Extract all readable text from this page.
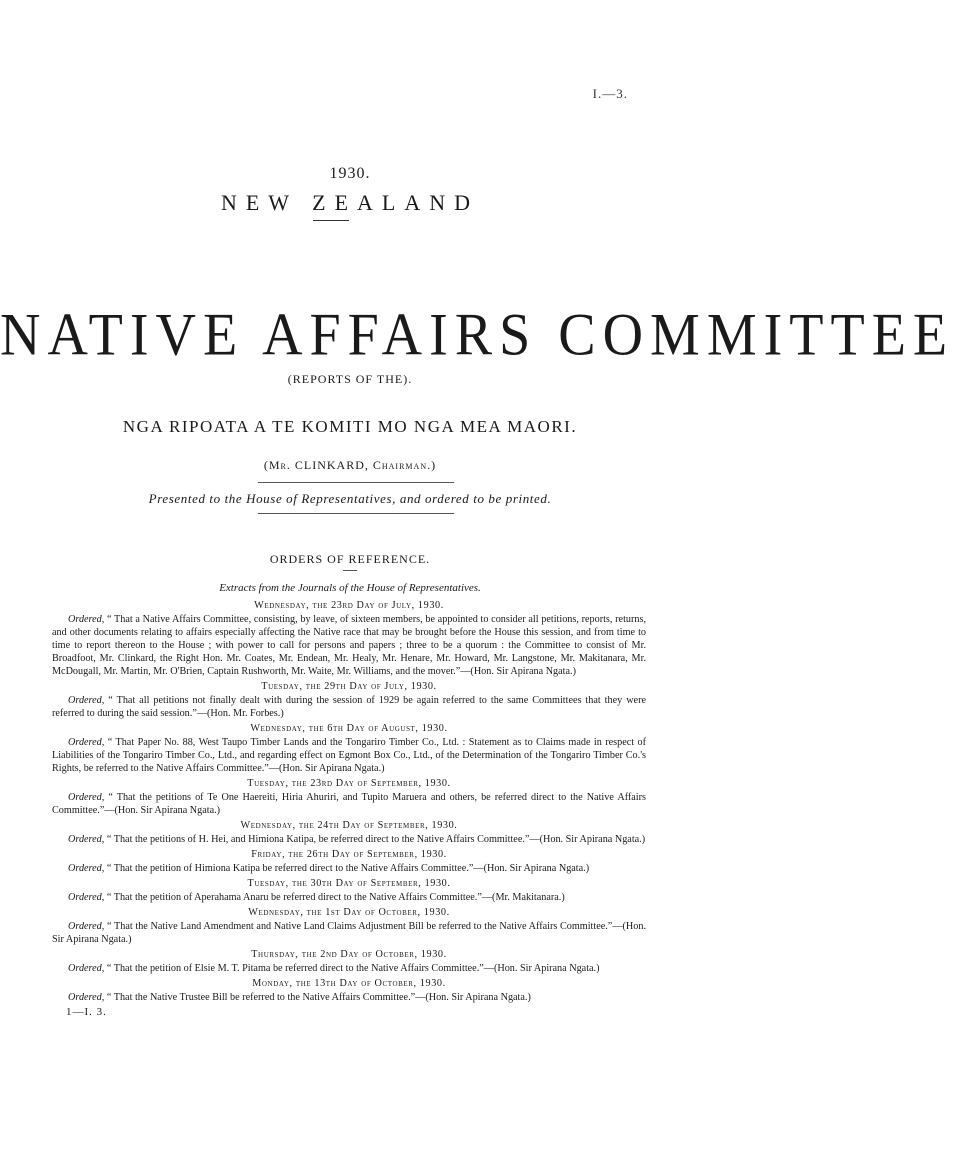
I.—3.
1930.
NEW ZEALAND
NATIVE AFFAIRS COMMITTEE
(REPORTS OF THE).
NGA RIPOATA A TE KOMITI MO NGA MEA MAORI.
(Mr. CLINKARD, Chairman.)
Presented to the House of Representatives, and ordered to be printed.
ORDERS OF REFERENCE.
Extracts from the Journals of the House of Representatives.
Wednesday, the 23rd Day of July, 1930.

Ordered, “ That a Native Affairs Committee, consisting, by leave, of sixteen members, be appointed to consider all petitions, reports, returns, and other documents relating to affairs especially affecting the Native race that may be brought before the House this session, and from time to time to report thereon to the House ; with power to call for persons and papers ; three to be a quorum : the Committee to consist of Mr. Broadfoot, Mr. Clinkard, the Right Hon. Mr. Coates, Mr. Endean, Mr. Healy, Mr. Henare, Mr. Howard, Mr. Langstone, Mr. Makitanara, Mr. McDougall, Mr. Martin, Mr. O'Brien, Captain Rushworth, Mr. Waite, Mr. Williams, and the mover.”—(Hon. Sir Apirana Ngata.)

Tuesday, the 29th Day of July, 1930.

Ordered, “ That all petitions not finally dealt with during the session of 1929 be again referred to the same Committees that they were referred to during the said session.”—(Hon. Mr. Forbes.)

Wednesday, the 6th Day of August, 1930.

Ordered, “ That Paper No. 88, West Taupo Timber Lands and the Tongariro Timber Co., Ltd. : Statement as to Claims made in respect of Liabilities of the Tongariro Timber Co., Ltd., and regarding effect on Egmont Box Co., Ltd., of the Determination of the Tongariro Timber Co.'s Rights, be referred to the Native Affairs Committee.”—(Hon. Sir Apirana Ngata.)

Tuesday, the 23rd Day of September, 1930.

Ordered, “ That the petitions of Te One Haereiti, Hiria Ahuriri, and Tupito Maruera and others, be referred direct to the Native Affairs Committee.”—(Hon. Sir Apirana Ngata.)

Wednesday, the 24th Day of September, 1930.

Ordered, “ That the petitions of H. Hei, and Himiona Katipa, be referred direct to the Native Affairs Committee.”—(Hon. Sir Apirana Ngata.)

Friday, the 26th Day of September, 1930.

Ordered, “ That the petition of Himiona Katipa be referred direct to the Native Affairs Committee.”—(Hon. Sir Apirana Ngata.)

Tuesday, the 30th Day of September, 1930.

Ordered, “ That the petition of Aperahama Anaru be referred direct to the Native Affairs Committee.”—(Mr. Makitanara.)

Wednesday, the 1st Day of October, 1930.

Ordered, “ That the Native Land Amendment and Native Land Claims Adjustment Bill be referred to the Native Affairs Committee.”—(Hon. Sir Apirana Ngata.)

Thursday, the 2nd Day of October, 1930.

Ordered, “ That the petition of Elsie M. T. Pitama be referred direct to the Native Affairs Committee.”—(Hon. Sir Apirana Ngata.)

Monday, the 13th Day of October, 1930.

Ordered, “ That the Native Trustee Bill be referred to the Native Affairs Committee.”—(Hon. Sir Apirana Ngata.)

1—I. 3.
